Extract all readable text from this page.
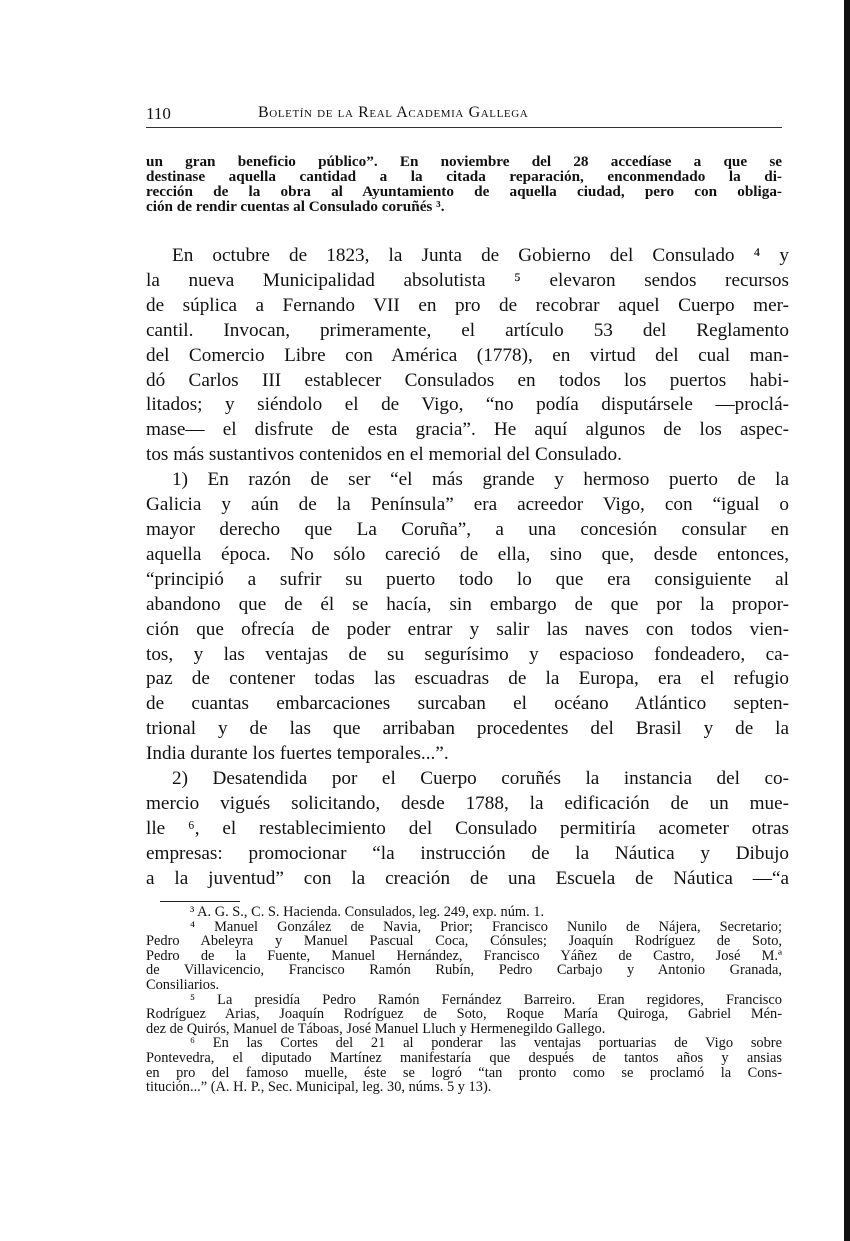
110	Boletín de la Real Academia Gallega
un gran beneficio público”. En noviembre del 28 accedíase a que se
destinase aquella cantidad a la citada reparación, enconmendado la di-
rección de la obra al Ayuntamiento de aquella ciudad, pero con obliga-
ción de rendir cuentas al Consulado coruñés ³.
En octubre de 1823, la Junta de Gobierno del Consulado ⁴ y
la nueva Municipalidad absolutista ⁵ elevaron sendos recursos
de súplica a Fernando VII en pro de recobrar aquel Cuerpo mer-
cantil. Invocan, primeramente, el artículo 53 del Reglamento
del Comercio Libre con América (1778), en virtud del cual man-
dó Carlos III establecer Consulados en todos los puertos habi-
litados; y siéndolo el de Vigo, “no podía disputársele —proclá-
mase— el disfrute de esta gracia”. He aquí algunos de los aspec-
tos más sustantivos contenidos en el memorial del Consulado.
1) En razón de ser “el más grande y hermoso puerto de la
Galicia y aún de la Península” era acreedor Vigo, con “igual o
mayor derecho que La Coruña”, a una concesión consular en
aquella época. No sólo careció de ella, sino que, desde entonces,
“principió a sufrir su puerto todo lo que era consiguiente al
abandono que de él se hacía, sin embargo de que por la propor-
ción que ofrecía de poder entrar y salir las naves con todos vien-
tos, y las ventajas de su segurísimo y espacioso fondeadero, ca-
paz de contener todas las escuadras de la Europa, era el refugio
de cuantas embarcaciones surcaban el océano Atlántico septen-
trional y de las que arribaban procedentes del Brasil y de la
India durante los fuertes temporales...”.
2) Desatendida por el Cuerpo coruñés la instancia del co-
mercio vigués solicitando, desde 1788, la edificación de un mue-
lle ⁶, el restablecimiento del Consulado permitiría acometer otras
empresas: promocionar “la instrucción de la Náutica y Dibujo
a la juventud” con la creación de una Escuela de Náutica —“a
³ A. G. S., C. S. Hacienda. Consulados, leg. 249, exp. núm. 1.
⁴ Manuel González de Navia, Prior; Francisco Nunilo de Nájera, Secretario;
Pedro Abeleyra y Manuel Pascual Coca, Cónsules; Joaquín Rodríguez de Soto,
Pedro de la Fuente, Manuel Hernández, Francisco Yáñez de Castro, José M.ª
de Villavicencio, Francisco Ramón Rubín, Pedro Carbajo y Antonio Granada,
Consiliarios.
⁵ La presidía Pedro Ramón Fernández Barreiro. Eran regidores, Francisco
Rodríguez Arias, Joaquín Rodríguez de Soto, Roque María Quiroga, Gabriel Mén-
dez de Quirós, Manuel de Táboas, José Manuel Lluch y Hermenegildo Gallego.
⁶ En las Cortes del 21 al ponderar las ventajas portuarias de Vigo sobre
Pontevedra, el diputado Martínez manifestaría que después de tantos años y ansias
en pro del famoso muelle, éste se logró “tan pronto como se proclamó la Cons-
titución...” (A. H. P., Sec. Municipal, leg. 30, núms. 5 y 13).
